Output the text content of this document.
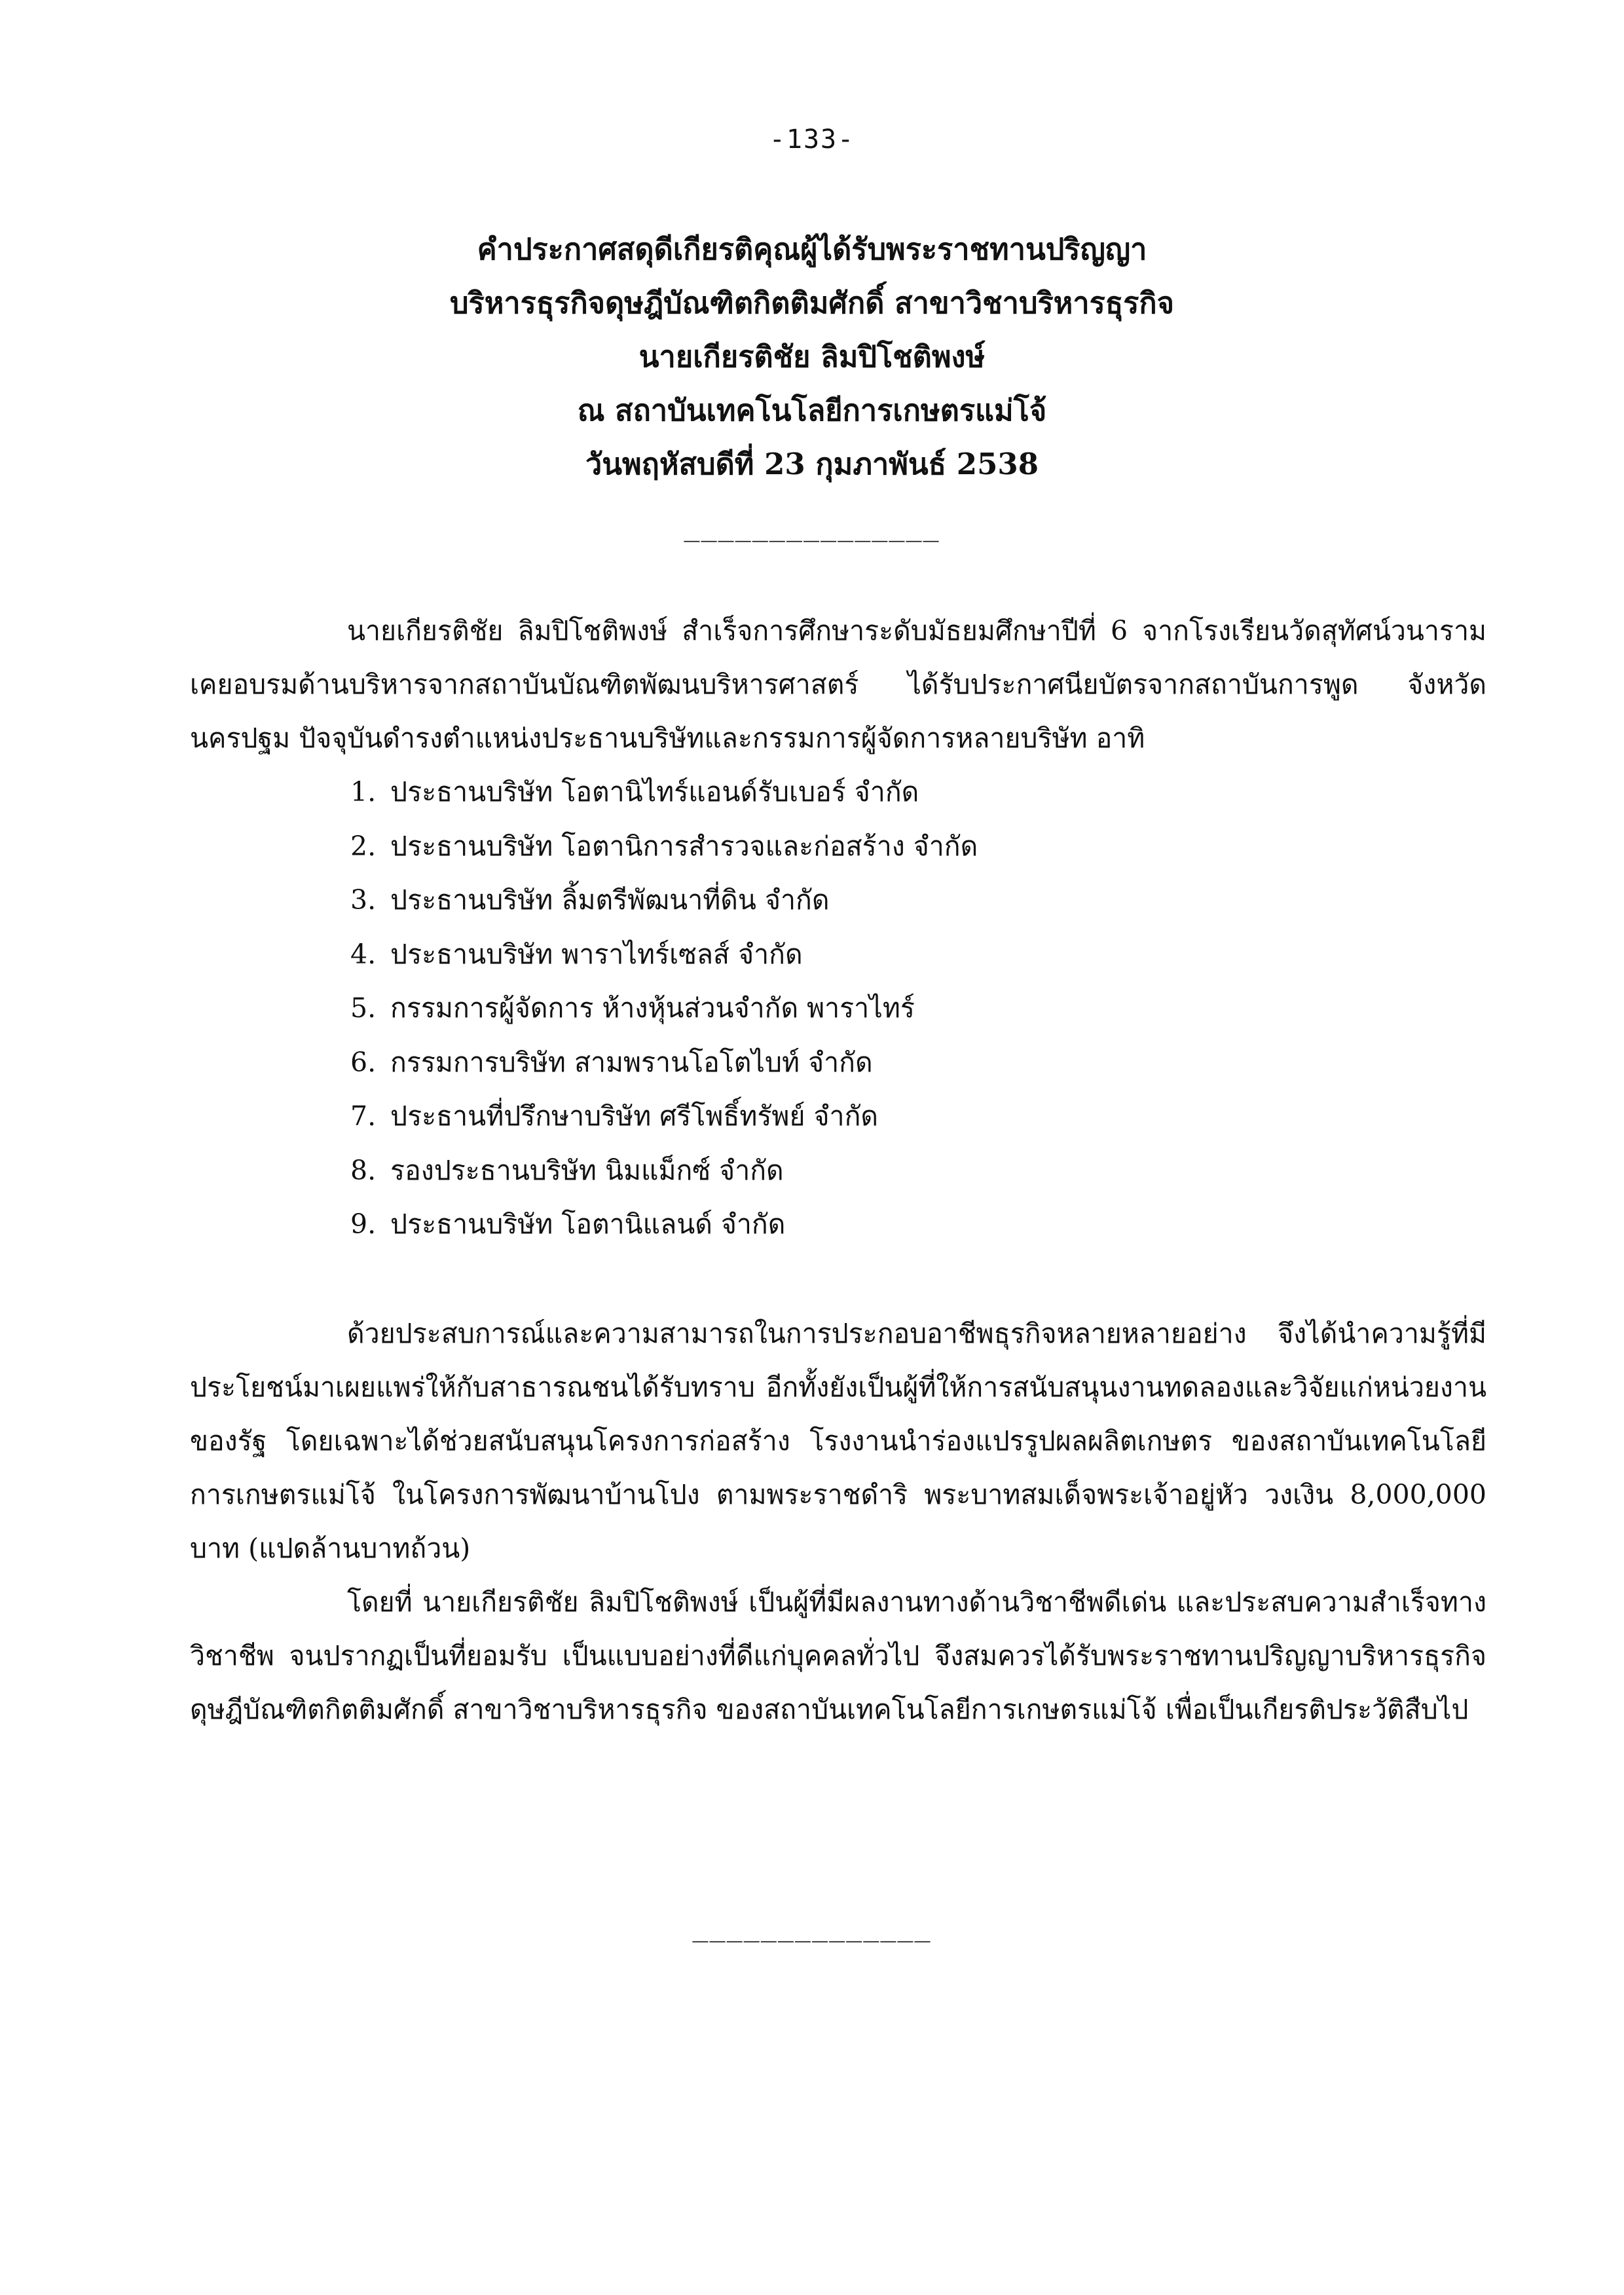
-133-
คำประกาศสดุดีเกียรติคุณผู้ได้รับพระราชทานปริญญา
บริหารธุรกิจดุษฎีบัณฑิตกิตติมศักดิ์ สาขาวิชาบริหารธุรกิจ
นายเกียรติชัย ลิมปิโชติพงษ์
ณ สถาบันเทคโนโลยีการเกษตรแม่โจ้
วันพฤหัสบดีที่ 23 กุมภาพันธ์ 2538
_______________

นายเกียรติชัย ลิมปิโชติพงษ์ สำเร็จการศึกษาระดับมัธยมศึกษาปีที่ 6 จากโรงเรียนวัดสุทัศน์วนาราม เคยอบรมด้านบริหารจากสถาบันบัณฑิตพัฒนบริหารศาสตร์ ได้รับประกาศนียบัตรจากสถาบันการพูด จังหวัดนครปฐม ปัจจุบันดำรงตำแหน่งประธานบริษัทและกรรมการผู้จัดการหลายบริษัท อาทิ

1. ประธานบริษัท โอตานิไทร์แอนด์รับเบอร์ จำกัด
2. ประธานบริษัท โอตานิการสำรวจและก่อสร้าง จำกัด
3. ประธานบริษัท ลิ้มตรีพัฒนาที่ดิน จำกัด
4. ประธานบริษัท พาราไทร์เซลส์ จำกัด
5. กรรมการผู้จัดการ ห้างหุ้นส่วนจำกัด พาราไทร์
6. กรรมการบริษัท สามพรานโอโตไบท์ จำกัด
7. ประธานที่ปรึกษาบริษัท ศรีโพธิ์ทรัพย์ จำกัด
8. รองประธานบริษัท นิมแม็กซ์ จำกัด
9. ประธานบริษัท โอตานิแลนด์ จำกัด

ด้วยประสบการณ์และความสามารถในการประกอบอาชีพธุรกิจหลายหลายอย่าง จึงได้นำความรู้ที่มีประโยชน์มาเผยแพร่ให้กับสาธารณชนได้รับทราบ อีกทั้งยังเป็นผู้ที่ให้การสนับสนุนงานทดลองและวิจัยแก่หน่วยงานของรัฐ โดยเฉพาะได้ช่วยสนับสนุนโครงการก่อสร้าง โรงงานนำร่องแปรรูปผลผลิตเกษตร ของสถาบันเทคโนโลยีการเกษตรแม่โจ้ ในโครงการพัฒนาบ้านโปง ตามพระราชดำริ พระบาทสมเด็จพระเจ้าอยู่หัว วงเงิน 8,000,000 บาท (แปดล้านบาทถ้วน)

โดยที่ นายเกียรติชัย ลิมปิโชติพงษ์ เป็นผู้ที่มีผลงานทางด้านวิชาชีพดีเด่น และประสบความสำเร็จทางวิชาชีพ จนปรากฏเป็นที่ยอมรับ เป็นแบบอย่างที่ดีแก่บุคคลทั่วไป จึงสมควรได้รับพระราชทานปริญญาบริหารธุรกิจดุษฎีบัณฑิตกิตติมศักดิ์ สาขาวิชาบริหารธุรกิจ ของสถาบันเทคโนโลยีการเกษตรแม่โจ้ เพื่อเป็นเกียรติประวัติสืบไป

______________
